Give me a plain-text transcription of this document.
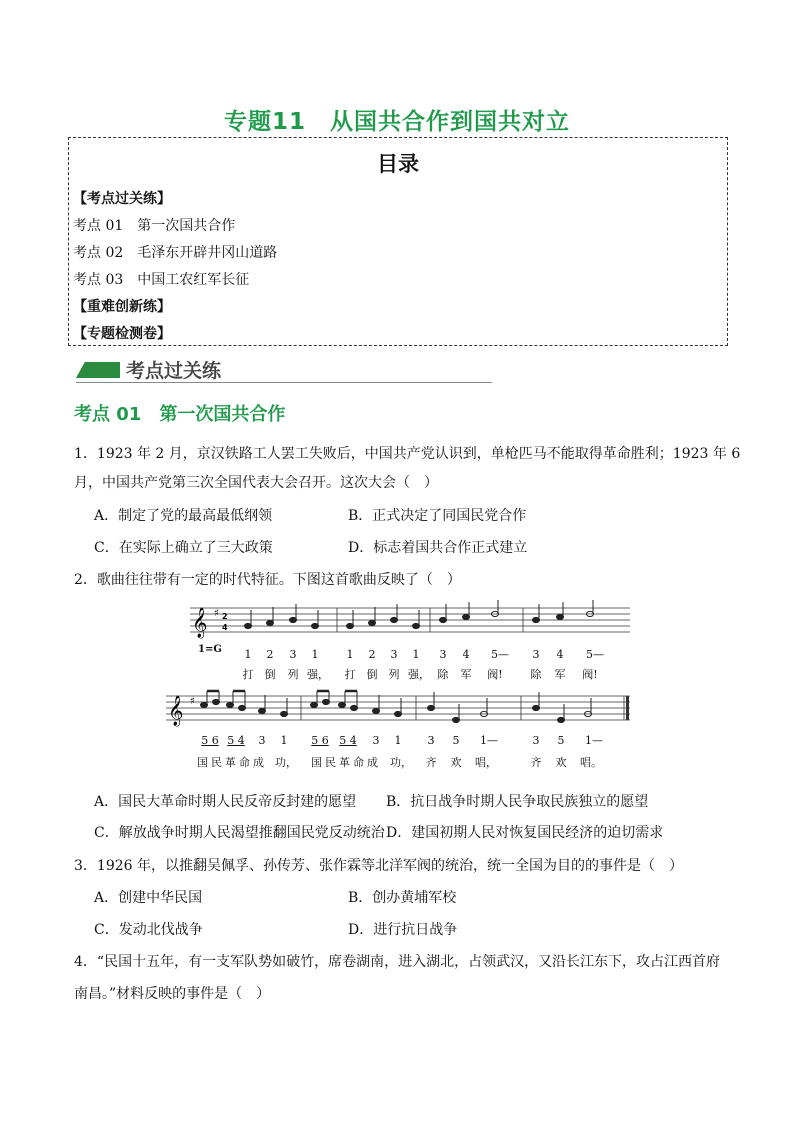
专题11　从国共合作到国共对立
目录
【考点过关练】
考点 01　第一次国共合作
考点 02　毛泽东开辟井冈山道路
考点 03　中国工农红军长征
【重难创新练】
【专题检测卷】
考点过关练
考点 01　第一次国共合作
1．1923 年 2 月，京汉铁路工人罢工失败后，中国共产党认识到，单枪匹马不能取得革命胜利；1923 年 6
月，中国共产党第三次全国代表大会召开。这次大会（　）
A．制定了党的最高最低纲领	B．正式决定了同国民党合作
C．在实际上确立了三大政策	D．标志着国共合作正式建立
2．歌曲往往带有一定的时代特征。下图这首歌曲反映了（　）
𝄞 ♯ 2
4
1=G 1 2 3 1	1 2 3 1 3 4 5— 3 4 5—
打 倒 列 强， 打 倒 列 强， 除 军 阀!	除 军 阀!
𝄞 ♯
5 6 5 4 3 1 5 6 5 4 3 1 3 5 1—	3 5 1—
国民革命成 功， 国民革命成 功， 齐 欢 唱，	齐 欢 唱。
A．国民大革命时期人民反帝反封建的愿望 B．抗日战争时期人民争取民族独立的愿望
C．解放战争时期人民渴望推翻国民党反动统治 D．建国初期人民对恢复国民经济的迫切需求
3．1926 年，以推翻吴佩孚、孙传芳、张作霖等北洋军阀的统治，统一全国为目的的事件是（　）
A．创建中华民国	B．创办黄埔军校
C．发动北伐战争	D．进行抗日战争
4．“民国十五年，有一支军队势如破竹，席卷湖南，进入湖北，占领武汉，又沿长江东下，攻占江西首府
南昌。”材料反映的事件是（　）
